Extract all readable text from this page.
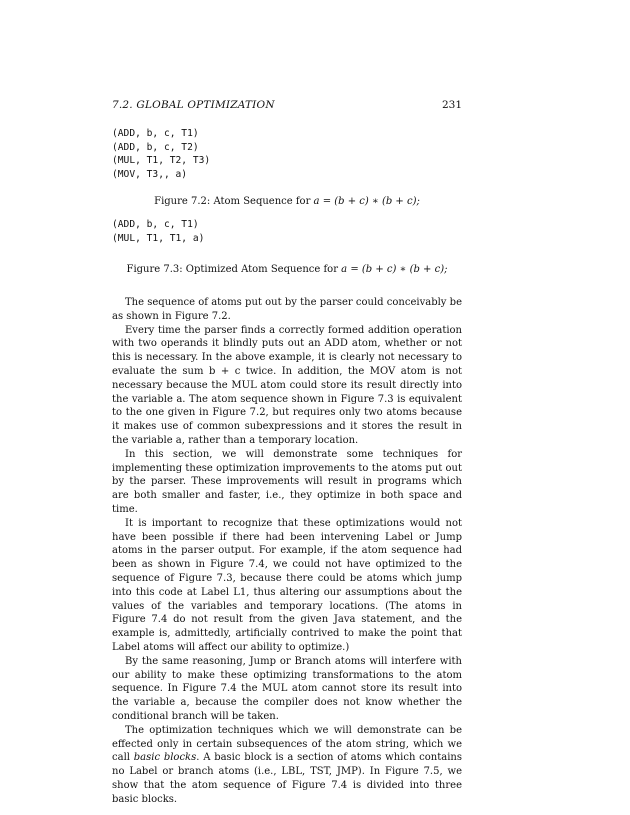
7.2. GLOBAL OPTIMIZATION	231
(ADD, b, c, T1)
(ADD, b, c, T2)
(MUL, T1, T2, T3)
(MOV, T3,, a)
Figure 7.2: Atom Sequence for a = (b + c) ∗ (b + c);
(ADD, b, c, T1)
(MUL, T1, T1, a)
Figure 7.3: Optimized Atom Sequence for a = (b + c) ∗ (b + c);

The sequence of atoms put out by the parser could conceivably be as shown in Figure 7.2.

Every time the parser finds a correctly formed addition operation with two operands it blindly puts out an ADD atom, whether or not this is necessary. In the above example, it is clearly not necessary to evaluate the sum b + c twice. In addition, the MOV atom is not necessary because the MUL atom could store its result directly into the variable a. The atom sequence shown in Figure 7.3 is equivalent to the one given in Figure 7.2, but requires only two atoms because it makes use of common subexpressions and it stores the result in the variable a, rather than a temporary location.

In this section, we will demonstrate some techniques for implementing these optimization improvements to the atoms put out by the parser. These improvements will result in programs which are both smaller and faster, i.e., they optimize in both space and time.

It is important to recognize that these optimizations would not have been possible if there had been intervening Label or Jump atoms in the parser output. For example, if the atom sequence had been as shown in Figure 7.4, we could not have optimized to the sequence of Figure 7.3, because there could be atoms which jump into this code at Label L1, thus altering our assumptions about the values of the variables and temporary locations. (The atoms in Figure 7.4 do not result from the given Java statement, and the example is, admittedly, artificially contrived to make the point that Label atoms will affect our ability to optimize.)

By the same reasoning, Jump or Branch atoms will interfere with our ability to make these optimizing transformations to the atom sequence. In Figure 7.4 the MUL atom cannot store its result into the variable a, because the compiler does not know whether the conditional branch will be taken.

The optimization techniques which we will demonstrate can be effected only in certain subsequences of the atom string, which we call basic blocks. A basic block is a section of atoms which contains no Label or branch atoms (i.e., LBL, TST, JMP). In Figure 7.5, we show that the atom sequence of Figure 7.4 is divided into three basic blocks.
